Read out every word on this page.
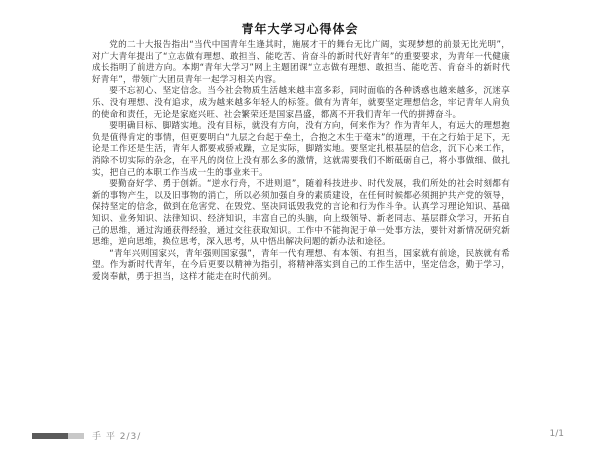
青年大学习心得体会

党的二十大报告指出“当代中国青年生逢其时，施展才干的舞台无比广阔，实现梦想的前景无比光明”，对广大青年提出了“立志做有理想、敢担当、能吃苦、肯奋斗的新时代好青年”的重要要求，为青年一代健康成长指明了前进方向。本期“青年大学习”网上主题团课“立志做有理想、敢担当、能吃苦、肯奋斗的新时代好青年”，带领广大团员青年一起学习相关内容。

要不忘初心、坚定信念。当今社会物质生活越来越丰富多彩，同时面临的各种诱惑也越来越多，沉迷享乐、没有理想、没有追求，成为越来越多年轻人的标签。做有为青年，就要坚定理想信念，牢记青年人肩负的使命和责任，无论是家庭兴旺、社会繁荣还是国家昌盛，都离不开我们青年一代的拼搏奋斗。

要明确目标、脚踏实地。没有目标，就没有方向，没有方向，何来作为？作为青年人，有远大的理想抱负是值得肯定的事情，但更要明白“九层之台起于垒土，合抱之木生于毫末”的道理，干在之行始于足下，无论是工作还是生活，青年人都要戒骄戒躁，立足实际，脚踏实地。要坚定扎根基层的信念，沉下心来工作，消除不切实际的杂念，在平凡的岗位上没有那么多的激情，这就需要我们不断砥砺自己，将小事做细、做扎实，把自己的本职工作当成一生的事业来干。

要勤奋好学、勇于创新。“逆水行舟，不进则退”，随着科技进步、时代发展，我们所处的社会时刻都有新的事物产生，以及旧事物的消亡，所以必须加强自身的素质建设，在任何时候都必须拥护共产党的领导，保持坚定的信念，做到在危害党、在毁党、坚决同诋毁我党的言论和行为作斗争。认真学习理论知识、基础知识、业务知识、法律知识、经济知识，丰富自己的头脑，向上级领导、新老同志、基层群众学习，开拓自己的思维，通过沟通获得经验，通过交往获取知识。工作中不能拘泥于单一处事方法，要针对新情况研究新思维，逆向思维，换位思考，深入思考，从中悟出解决问题的新办法和途径。

“青年兴则国家兴，青年强则国家强”，青年一代有理想、有本领、有担当，国家就有前途，民族就有希望。作为新时代青年，在今后更要以精神为指引，将精神落实到自己的工作生活中，坚定信念，勤于学习，爱岗奉献，勇于担当，这样才能走在时代前列。

手 平 2/3/	1/1
